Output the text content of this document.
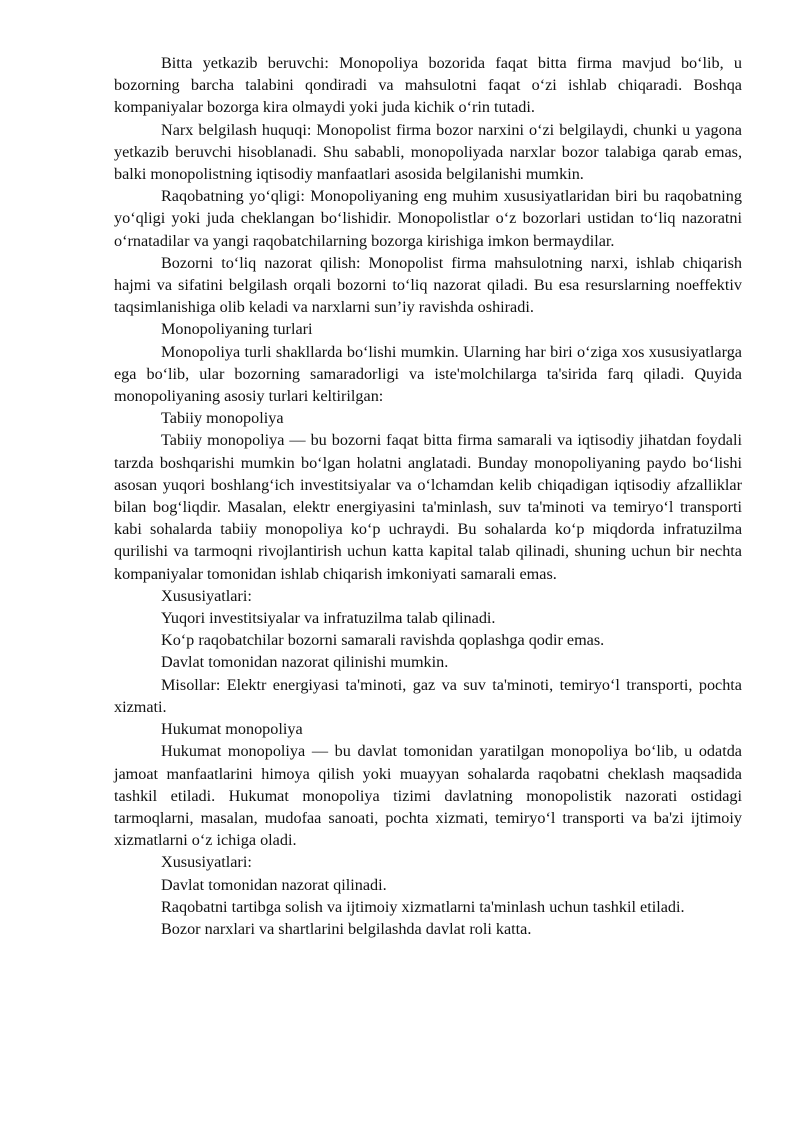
Bitta yetkazib beruvchi: Monopoliya bozorida faqat bitta firma mavjud bo‘lib, u bozorning barcha talabini qondiradi va mahsulotni faqat o‘zi ishlab chiqaradi. Boshqa kompaniyalar bozorga kira olmaydi yoki juda kichik o‘rin tutadi.

Narx belgilash huquqi: Monopolist firma bozor narxini o‘zi belgilaydi, chunki u yagona yetkazib beruvchi hisoblanadi. Shu sababli, monopoliyada narxlar bozor talabiga qarab emas, balki monopolistning iqtisodiy manfaatlari asosida belgilanishi mumkin.

Raqobatning yo‘qligi: Monopoliyaning eng muhim xususiyatlaridan biri bu raqobatning yo‘qligi yoki juda cheklangan bo‘lishidir. Monopolistlar o‘z bozorlari ustidan to‘liq nazoratni o‘rnatadilar va yangi raqobatchilarning bozorga kirishiga imkon bermaydilar.

Bozorni to‘liq nazorat qilish: Monopolist firma mahsulotning narxi, ishlab chiqarish hajmi va sifatini belgilash orqali bozorni to‘liq nazorat qiladi. Bu esa resurslarning noeffektiv taqsimlanishiga olib keladi va narxlarni sun’iy ravishda oshiradi.

Monopoliyaning turlari

Monopoliya turli shakllarda bo‘lishi mumkin. Ularning har biri o‘ziga xos xususiyatlarga ega bo‘lib, ular bozorning samaradorligi va iste'molchilarga ta'sirida farq qiladi. Quyida monopoliyaning asosiy turlari keltirilgan:

Tabiiy monopoliya

Tabiiy monopoliya — bu bozorni faqat bitta firma samarali va iqtisodiy jihatdan foydali tarzda boshqarishi mumkin bo‘lgan holatni anglatadi. Bunday monopoliyaning paydo bo‘lishi asosan yuqori boshlang‘ich investitsiyalar va o‘lchamdan kelib chiqadigan iqtisodiy afzalliklar bilan bog‘liqdir. Masalan, elektr energiyasini ta'minlash, suv ta'minoti va temiryo‘l transporti kabi sohalarda tabiiy monopoliya ko‘p uchraydi. Bu sohalarda ko‘p miqdorda infratuzilma qurilishi va tarmoqni rivojlantirish uchun katta kapital talab qilinadi, shuning uchun bir nechta kompaniyalar tomonidan ishlab chiqarish imkoniyati samarali emas.

Xususiyatlari:

Yuqori investitsiyalar va infratuzilma talab qilinadi.

Ko‘p raqobatchilar bozorni samarali ravishda qoplashga qodir emas.

Davlat tomonidan nazorat qilinishi mumkin.

Misollar: Elektr energiyasi ta'minoti, gaz va suv ta'minoti, temiryo‘l transporti, pochta xizmati.

Hukumat monopoliya

Hukumat monopoliya — bu davlat tomonidan yaratilgan monopoliya bo‘lib, u odatda jamoat manfaatlarini himoya qilish yoki muayyan sohalarda raqobatni cheklash maqsadida tashkil etiladi. Hukumat monopoliya tizimi davlatning monopolistik nazorati ostidagi tarmoqlarni, masalan, mudofaa sanoati, pochta xizmati, temiryo‘l transporti va ba'zi ijtimoiy xizmatlarni o‘z ichiga oladi.

Xususiyatlari:

Davlat tomonidan nazorat qilinadi.

Raqobatni tartibga solish va ijtimoiy xizmatlarni ta'minlash uchun tashkil etiladi.

Bozor narxlari va shartlarini belgilashda davlat roli katta.
